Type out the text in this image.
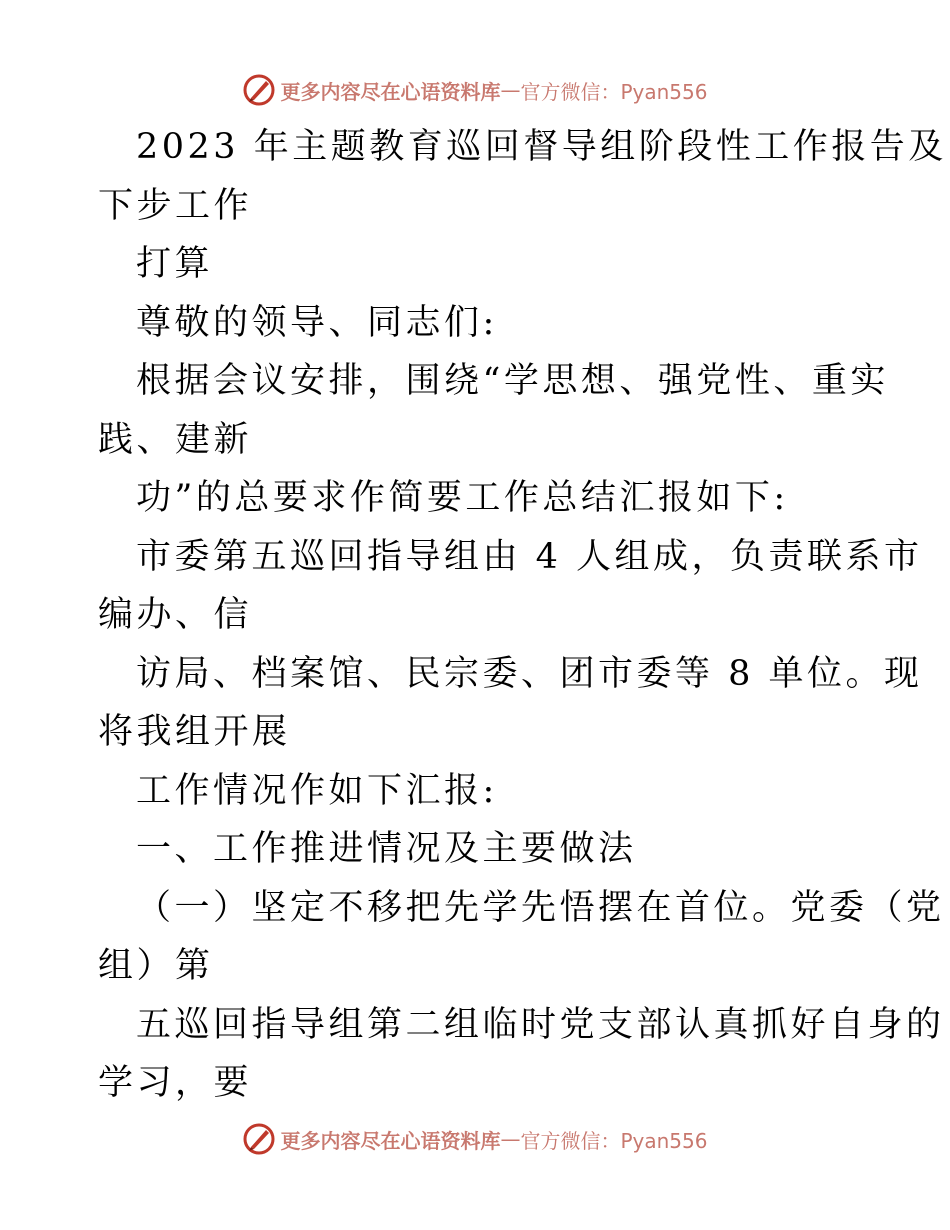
更多内容尽在心语资料库 — 官方微信：Pyan556

2023 年主题教育巡回督导组阶段性工作报告及

下步工作

打算

尊敬的领导、同志们:

根据会议安排，围绕“学思想、强党性、重实

践、建新

功”的总要求作简要工作总结汇报如下:

市委第五巡回指导组由 4 人组成，负责联系市

编办、信

访局、档案馆、民宗委、团市委等 8 单位。现

将我组开展

工作情况作如下汇报:

一、工作推进情况及主要做法

（一）坚定不移把先学先悟摆在首位。党委（党

组）第

五巡回指导组第二组临时党支部认真抓好自身的

学习，要

更多内容尽在心语资料库 — 官方微信：Pyan556
